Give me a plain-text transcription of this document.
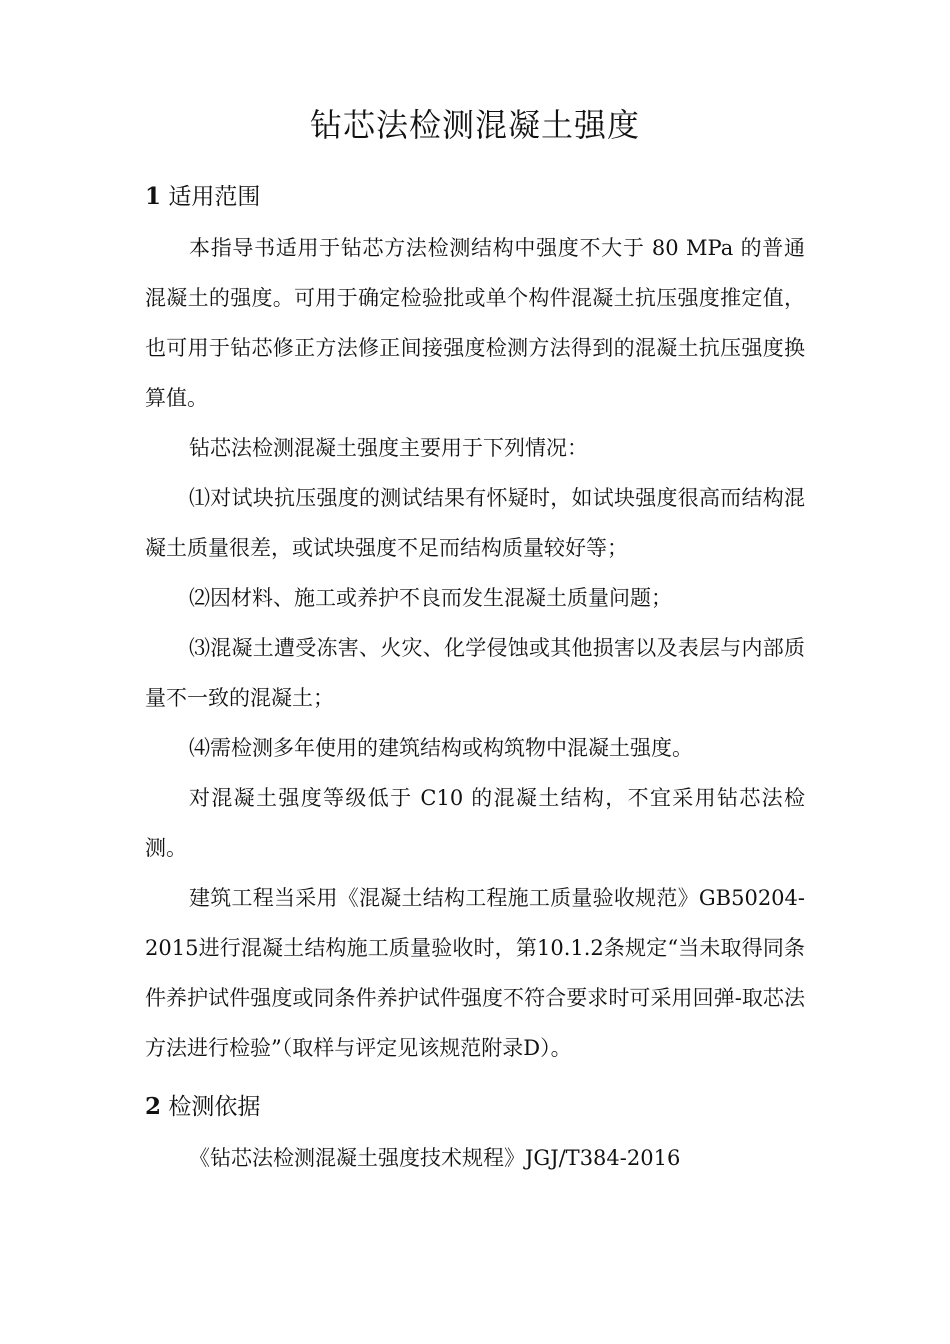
钻芯法检测混凝土强度
1 适用范围

本指导书适用于钻芯方法检测结构中强度不大于 80 MPa 的普通混凝土的强度。可用于确定检验批或单个构件混凝土抗压强度推定值，也可用于钻芯修正方法修正间接强度检测方法得到的混凝土抗压强度换算值。

钻芯法检测混凝土强度主要用于下列情况：

⑴对试块抗压强度的测试结果有怀疑时，如试块强度很高而结构混凝土质量很差，或试块强度不足而结构质量较好等；

⑵因材料、施工或养护不良而发生混凝土质量问题；

⑶混凝土遭受冻害、火灾、化学侵蚀或其他损害以及表层与内部质量不一致的混凝土；

⑷需检测多年使用的建筑结构或构筑物中混凝土强度。

对混凝土强度等级低于 C10 的混凝土结构，不宜采用钻芯法检测。

建筑工程当采用《混凝土结构工程施工质量验收规范》GB50204-2015进行混凝土结构施工质量验收时，第10.1.2条规定“当未取得同条件养护试件强度或同条件养护试件强度不符合要求时可采用回弹-取芯法方法进行检验”（取样与评定见该规范附录D）。

2 检测依据

《钻芯法检测混凝土强度技术规程》JGJ/T384-2016
